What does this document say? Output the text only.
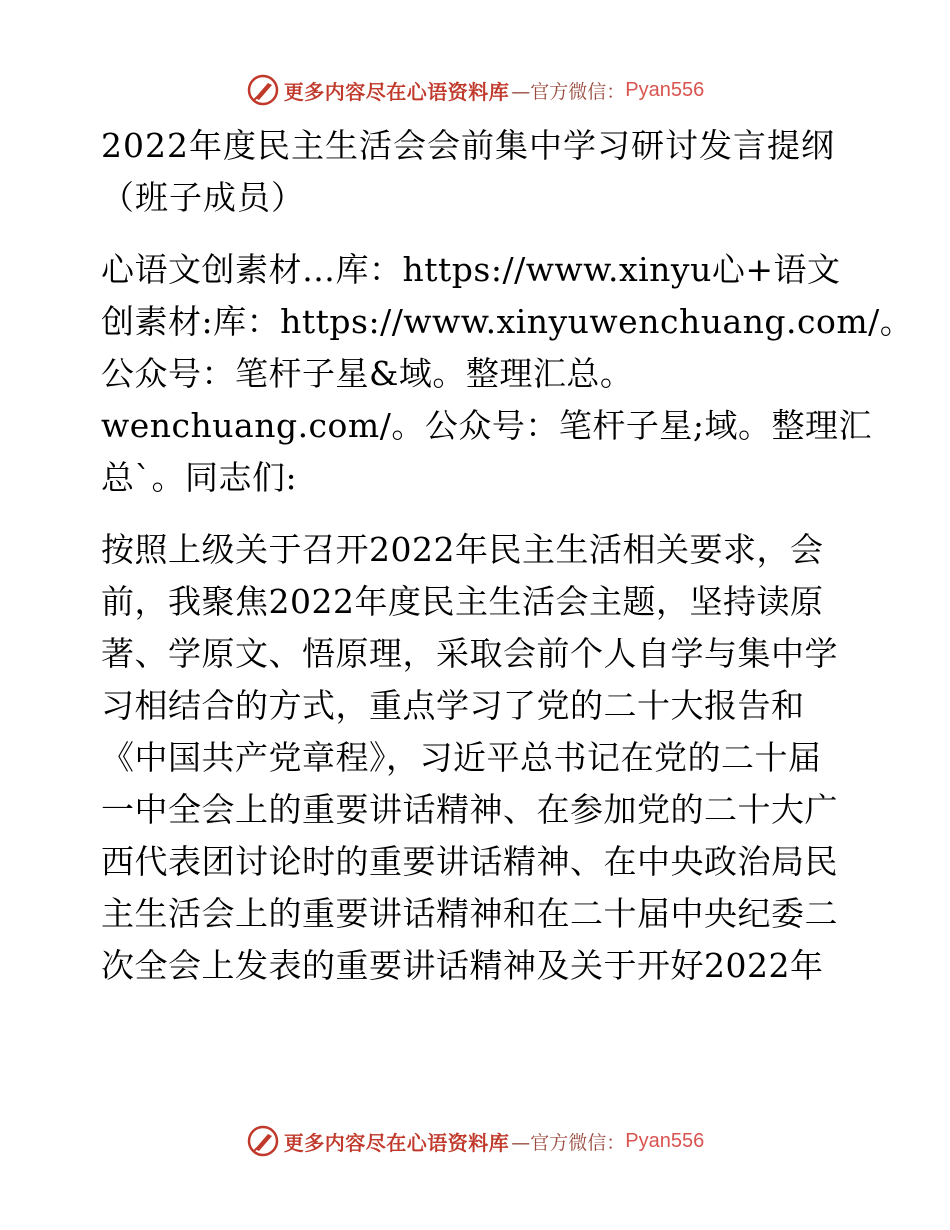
更多内容尽在心语资料库 —官方微信： Pyan556
2022年度民主生活会会前集中学习研讨发言提纲
（班子成员）
心语文创素材…库：https://www.xinyu心+语文
创素材:库：https://www.xinyuwenchuang.com/。
公众号：笔杆子星&域。整理汇总。
wenchuang.com/。公众号：笔杆子星;域。整理汇
总`。同志们:
按照上级关于召开2022年民主生活相关要求，会
前，我聚焦2022年度民主生活会主题，坚持读原
著、学原文、悟原理，采取会前个人自学与集中学
习相结合的方式，重点学习了党的二十大报告和
《中国共产党章程》，习近平总书记在党的二十届
一中全会上的重要讲话精神、在参加党的二十大广
西代表团讨论时的重要讲话精神、在中央政治局民
主生活会上的重要讲话精神和在二十届中央纪委二
次全会上发表的重要讲话精神及关于开好2022年
更多内容尽在心语资料库 —官方微信： Pyan556
